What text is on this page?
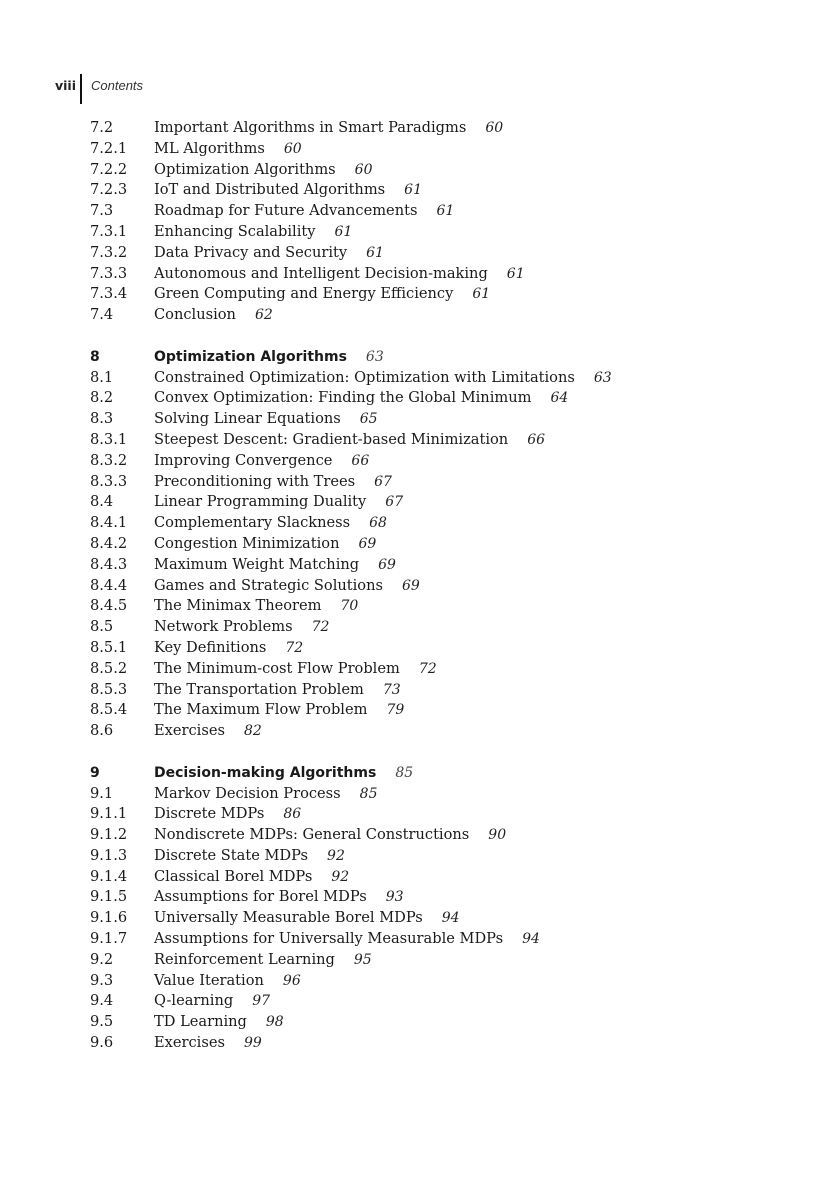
viii	Contents
7.2	Important Algorithms in Smart Paradigms 60
7.2.1	ML Algorithms 60
7.2.2	Optimization Algorithms 60
7.2.3	IoT and Distributed Algorithms 61
7.3	Roadmap for Future Advancements 61
7.3.1	Enhancing Scalability 61
7.3.2	Data Privacy and Security 61
7.3.3	Autonomous and Intelligent Decision-making 61
7.3.4	Green Computing and Energy Efficiency 61
7.4	Conclusion 62
8	Optimization Algorithms 63
8.1	Constrained Optimization: Optimization with Limitations 63
8.2	Convex Optimization: Finding the Global Minimum 64
8.3	Solving Linear Equations 65
8.3.1	Steepest Descent: Gradient-based Minimization 66
8.3.2	Improving Convergence 66
8.3.3	Preconditioning with Trees 67
8.4	Linear Programming Duality 67
8.4.1	Complementary Slackness 68
8.4.2	Congestion Minimization 69
8.4.3	Maximum Weight Matching 69
8.4.4	Games and Strategic Solutions 69
8.4.5	The Minimax Theorem 70
8.5	Network Problems 72
8.5.1	Key Definitions 72
8.5.2	The Minimum-cost Flow Problem 72
8.5.3	The Transportation Problem 73
8.5.4	The Maximum Flow Problem 79
8.6	Exercises 82
9	Decision-making Algorithms 85
9.1	Markov Decision Process 85
9.1.1	Discrete MDPs 86
9.1.2	Nondiscrete MDPs: General Constructions 90
9.1.3	Discrete State MDPs 92
9.1.4	Classical Borel MDPs 92
9.1.5	Assumptions for Borel MDPs 93
9.1.6	Universally Measurable Borel MDPs 94
9.1.7	Assumptions for Universally Measurable MDPs 94
9.2	Reinforcement Learning 95
9.3	Value Iteration 96
9.4	Q-learning 97
9.5	TD Learning 98
9.6	Exercises 99
